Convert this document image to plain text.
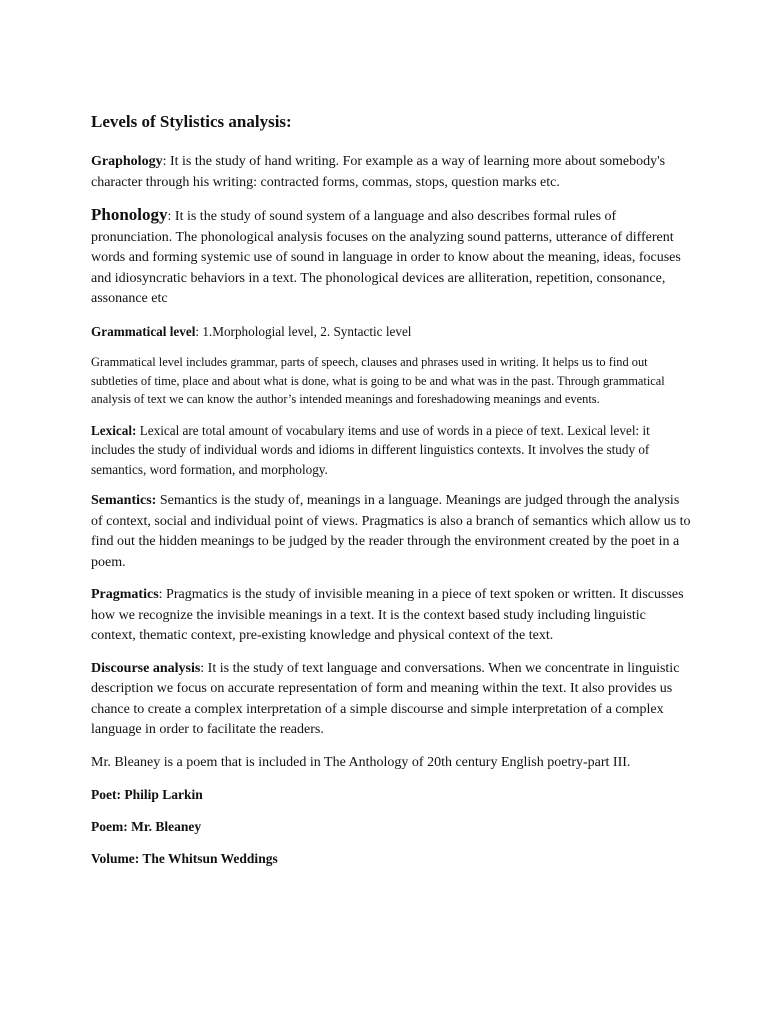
Levels of Stylistics analysis:

Graphology: It is the study of hand writing. For example as a way of learning more about somebody's character through his writing: contracted forms, commas, stops, question marks etc.

Phonology: It is the study of sound system of a language and also describes formal rules of pronunciation. The phonological analysis focuses on the analyzing sound patterns, utterance of different words and forming systemic use of sound in language in order to know about the meaning, ideas, focuses and idiosyncratic behaviors in a text. The phonological devices are alliteration, repetition, consonance, assonance etc

Grammatical level: 1.Morphologial level, 2. Syntactic level

Grammatical level includes grammar, parts of speech, clauses and phrases used in writing. It helps us to find out subtleties of time, place and about what is done, what is going to be and what was in the past. Through grammatical analysis of text we can know the author’s intended meanings and foreshadowing meanings and events.

Lexical: Lexical are total amount of vocabulary items and use of words in a piece of text. Lexical level: it includes the study of individual words and idioms in different linguistics contexts. It involves the study of semantics, word formation, and morphology.

Semantics: Semantics is the study of, meanings in a language. Meanings are judged through the analysis of context, social and individual point of views. Pragmatics is also a branch of semantics which allow us to find out the hidden meanings to be judged by the reader through the environment created by the poet in a poem.

Pragmatics: Pragmatics is the study of invisible meaning in a piece of text spoken or written. It discusses how we recognize the invisible meanings in a text. It is the context based study including linguistic context, thematic context, pre-existing knowledge and physical context of the text.

Discourse analysis: It is the study of text language and conversations. When we concentrate in linguistic description we focus on accurate representation of form and meaning within the text. It also provides us chance to create a complex interpretation of a simple discourse and simple interpretation of a complex language in order to facilitate the readers.

Mr. Bleaney is a poem that is included in The Anthology of 20th century English poetry-part III.

Poet: Philip Larkin

Poem: Mr. Bleaney

Volume: The Whitsun Weddings
